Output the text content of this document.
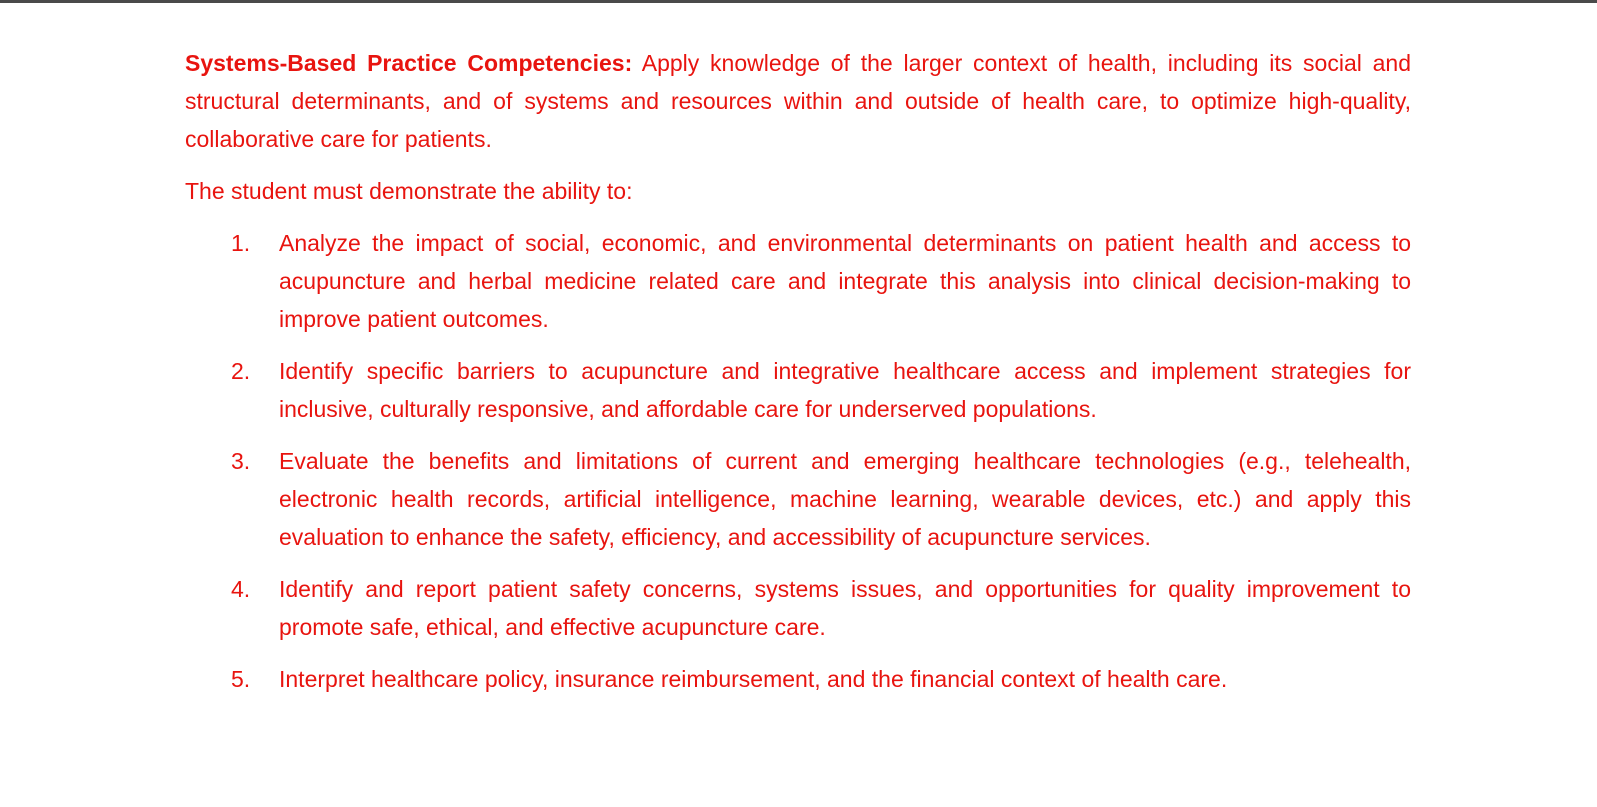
Systems-Based Practice Competencies: Apply knowledge of the larger context of health, including its social and structural determinants, and of systems and resources within and outside of health care, to optimize high-quality, collaborative care for patients.

The student must demonstrate the ability to:

1. Analyze the impact of social, economic, and environmental determinants on patient health and access to acupuncture and herbal medicine related care and integrate this analysis into clinical decision-making to improve patient outcomes.
2. Identify specific barriers to acupuncture and integrative healthcare access and implement strategies for inclusive, culturally responsive, and affordable care for underserved populations.
3. Evaluate the benefits and limitations of current and emerging healthcare technologies (e.g., telehealth, electronic health records, artificial intelligence, machine learning, wearable devices, etc.) and apply this evaluation to enhance the safety, efficiency, and accessibility of acupuncture services.
4. Identify and report patient safety concerns, systems issues, and opportunities for quality improvement to promote safe, ethical, and effective acupuncture care.
5. Interpret healthcare policy, insurance reimbursement, and the financial context of health care.
